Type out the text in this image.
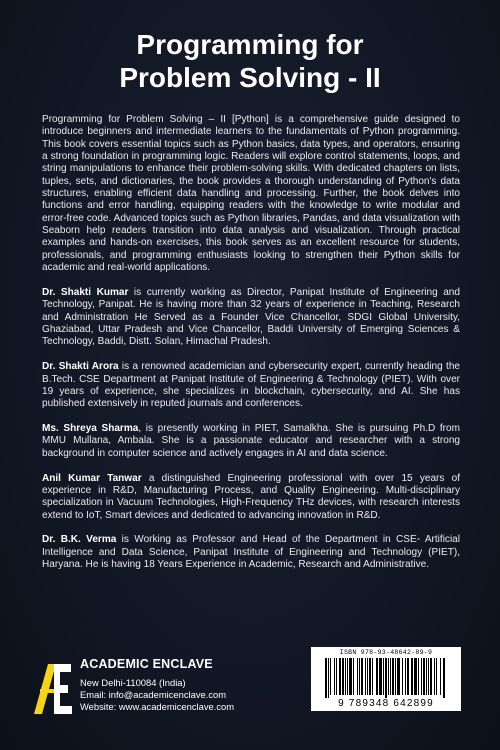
Programming for
Problem Solving - II

Programming for Problem Solving – II [Python] is a comprehensive guide designed to introduce beginners and intermediate learners to the fundamentals of Python programming. This book covers essential topics such as Python basics, data types, and operators, ensuring a strong foundation in programming logic. Readers will explore control statements, loops, and string manipulations to enhance their problem-solving skills. With dedicated chapters on lists, tuples, sets, and dictionaries, the book provides a thorough understanding of Python's data structures, enabling efficient data handling and processing. Further, the book delves into functions and error handling, equipping readers with the knowledge to write modular and error-free code. Advanced topics such as Python libraries, Pandas, and data visualization with Seaborn help readers transition into data analysis and visualization. Through practical examples and hands-on exercises, this book serves as an excellent resource for students, professionals, and programming enthusiasts looking to strengthen their Python skills for academic and real-world applications.

Dr. Shakti Kumar is currently working as Director, Panipat Institute of Engineering and Technology, Panipat. He is having more than 32 years of experience in Teaching, Research and Administration He Served as a Founder Vice Chancellor, SDGI Global University, Ghaziabad, Uttar Pradesh and Vice Chancellor, Baddi University of Emerging Sciences & Technology, Baddi, Distt. Solan, Himachal Pradesh.

Dr. Shakti Arora is a renowned academician and cybersecurity expert, currently heading the B.Tech. CSE Department at Panipat Institute of Engineering & Technology (PIET). With over 19 years of experience, she specializes in blockchain, cybersecurity, and AI. She has published extensively in reputed journals and conferences.

Ms. Shreya Sharma, is presently working in PIET, Samalkha. She is pursuing Ph.D from MMU Mullana, Ambala. She is a passionate educator and researcher with a strong background in computer science and actively engages in AI and data science.

Anil Kumar Tanwar a distinguished Engineering professional with over 15 years of experience in R&D, Manufacturing Process, and Quality Engineering. Multi-disciplinary specialization in Vacuum Technologies, High-Frequency THz devices, with research interests extend to IoT, Smart devices and dedicated to advancing innovation in R&D.

Dr. B.K. Verma is Working as Professor and Head of the Department in CSE- Artificial Intelligence and Data Science, Panipat Institute of Engineering and Technology (PIET), Haryana. He is having 18 Years Experience in Academic, Research and Administrative.

ACADEMIC ENCLAVE
New Delhi-110084 (India)
Email: info@academicenclave.com
Website: www.academicenclave.com
ISBN 978-93-48642-89-9
9 789348 642899
